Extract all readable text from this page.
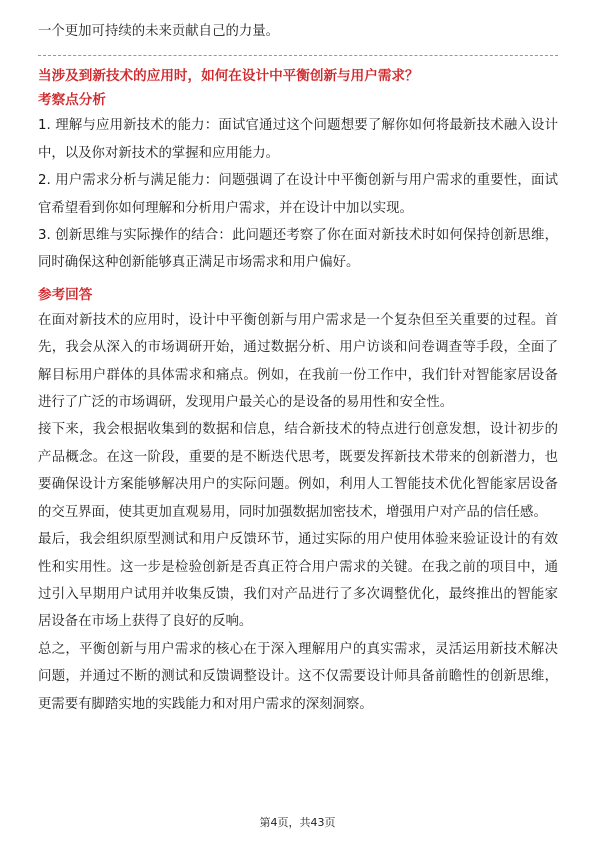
一个更加可持续的未来贡献自己的力量。

当涉及到新技术的应用时，如何在设计中平衡创新与用户需求？

考察点分析

1. 理解与应用新技术的能力：面试官通过这个问题想要了解你如何将最新技术融入设计中，以及你对新技术的掌握和应用能力。

2. 用户需求分析与满足能力：问题强调了在设计中平衡创新与用户需求的重要性，面试官希望看到你如何理解和分析用户需求，并在设计中加以实现。

3. 创新思维与实际操作的结合：此问题还考察了你在面对新技术时如何保持创新思维，同时确保这种创新能够真正满足市场需求和用户偏好。

参考回答

在面对新技术的应用时，设计中平衡创新与用户需求是一个复杂但至关重要的过程。首先，我会从深入的市场调研开始，通过数据分析、用户访谈和问卷调查等手段，全面了解目标用户群体的具体需求和痛点。例如，在我前一份工作中，我们针对智能家居设备进行了广泛的市场调研，发现用户最关心的是设备的易用性和安全性。

接下来，我会根据收集到的数据和信息，结合新技术的特点进行创意发想，设计初步的产品概念。在这一阶段，重要的是不断迭代思考，既要发挥新技术带来的创新潜力，也要确保设计方案能够解决用户的实际问题。例如，利用人工智能技术优化智能家居设备的交互界面，使其更加直观易用，同时加强数据加密技术，增强用户对产品的信任感。

最后，我会组织原型测试和用户反馈环节，通过实际的用户使用体验来验证设计的有效性和实用性。这一步是检验创新是否真正符合用户需求的关键。在我之前的项目中，通过引入早期用户试用并收集反馈，我们对产品进行了多次调整优化，最终推出的智能家居设备在市场上获得了良好的反响。

总之，平衡创新与用户需求的核心在于深入理解用户的真实需求，灵活运用新技术解决问题，并通过不断的测试和反馈调整设计。这不仅需要设计师具备前瞻性的创新思维，更需要有脚踏实地的实践能力和对用户需求的深刻洞察。

第4页，共43页
